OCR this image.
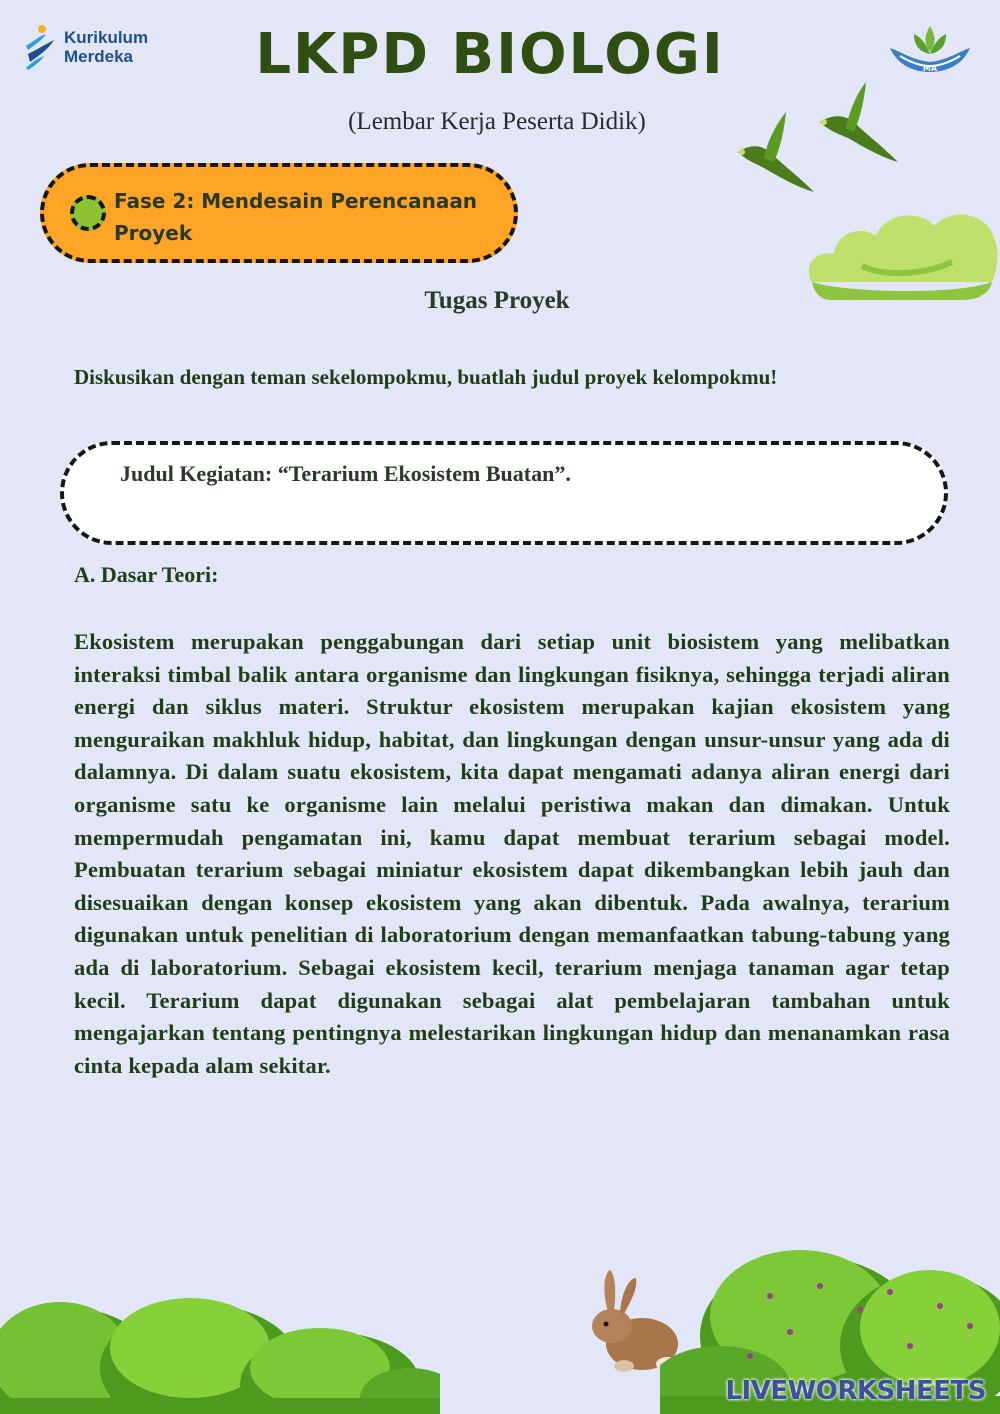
Kurikulum
Merdeka
MA
LKPD BIOLOGI
(Lembar Kerja Peserta Didik)
Fase 2: Mendesain Perencanaan Proyek
Tugas Proyek
Diskusikan dengan teman sekelompokmu, buatlah judul proyek kelompokmu!
Judul Kegiatan: “Terarium Ekosistem Buatan”.
A. Dasar Teori:
Ekosistem merupakan penggabungan dari setiap unit biosistem yang melibatkan interaksi timbal balik antara organisme dan lingkungan fisiknya, sehingga terjadi aliran energi dan siklus materi. Struktur ekosistem merupakan kajian ekosistem yang menguraikan makhluk hidup, habitat, dan lingkungan dengan unsur-unsur yang ada di dalamnya. Di dalam suatu ekosistem, kita dapat mengamati adanya aliran energi dari organisme satu ke organisme lain melalui peristiwa makan dan dimakan. Untuk mempermudah pengamatan ini, kamu dapat membuat terarium sebagai model. Pembuatan terarium sebagai miniatur ekosistem dapat dikembangkan lebih jauh dan disesuaikan dengan konsep ekosistem yang akan dibentuk. Pada awalnya, terarium digunakan untuk penelitian di laboratorium dengan memanfaatkan tabung-tabung yang ada di laboratorium. Sebagai ekosistem kecil, terarium menjaga tanaman agar tetap kecil. Terarium dapat digunakan sebagai alat pembelajaran tambahan untuk mengajarkan tentang pentingnya melestarikan lingkungan hidup dan menanamkan rasa cinta kepada alam sekitar.
LIVEWORKSHEETS
